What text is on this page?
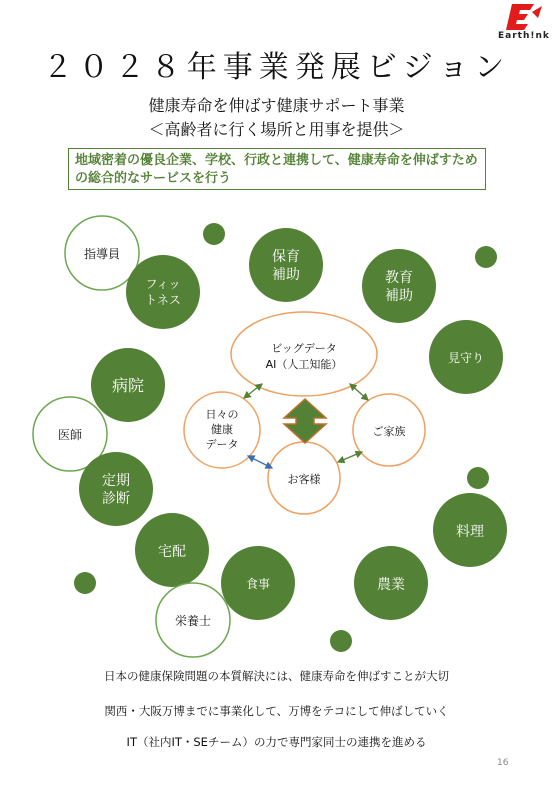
Earth!nk
２０２８年事業発展ビジョン
健康寿命を伸ばす健康サポート事業
＜高齢者に行く場所と用事を提供＞
地域密着の優良企業、学校、行政と連携して、健康寿命を伸ばすための総合的なサービスを行う
指導員
フィッ
トネス
保育
補助	教育
補助
見守り
病院
医師
定期
診断
料理
宅配
食事	農業
栄養士
ビッグデータ
AI（人工知能）
日々の
健康
データ
ご家族
お客様
日本の健康保険問題の本質解決には、健康寿命を伸ばすことが大切
関西・大阪万博までに事業化して、万博をテコにして伸ばしていく
IT（社内IT・SEチーム）の力で専門家同士の連携を進める
16
